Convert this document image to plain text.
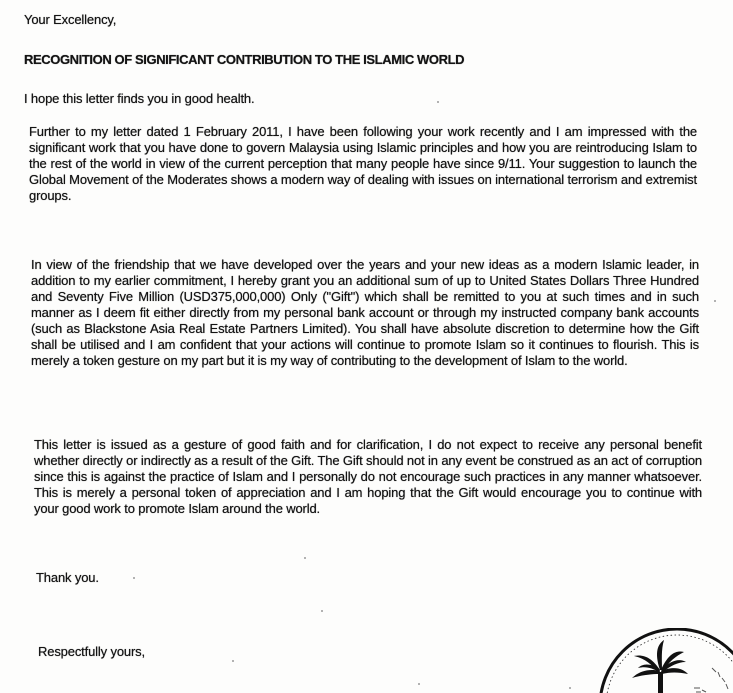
Your Excellency,
RECOGNITION OF SIGNIFICANT CONTRIBUTION TO THE ISLAMIC WORLD
I hope this letter finds you in good health.
Further to my letter dated 1 February 2011, I have been following your work recently and I am impressed with the significant work that you have done to govern Malaysia using Islamic principles and how you are reintroducing Islam to the rest of the world in view of the current perception that many people have since 9/11. Your suggestion to launch the Global Movement of the Moderates shows a modern way of dealing with issues on international terrorism and extremist groups.
In view of the friendship that we have developed over the years and your new ideas as a modern Islamic leader, in addition to my earlier commitment, I hereby grant you an additional sum of up to United States Dollars Three Hundred and Seventy Five Million (USD375,000,000) Only ("Gift") which shall be remitted to you at such times and in such manner as I deem fit either directly from my personal bank account or through my instructed company bank accounts (such as Blackstone Asia Real Estate Partners Limited). You shall have absolute discretion to determine how the Gift shall be utilised and I am confident that your actions will continue to promote Islam so it continues to flourish. This is merely a token gesture on my part but it is my way of contributing to the development of Islam to the world.
This letter is issued as a gesture of good faith and for clarification, I do not expect to receive any personal benefit whether directly or indirectly as a result of the Gift. The Gift should not in any event be construed as an act of corruption since this is against the practice of Islam and I personally do not encourage such practices in any manner whatsoever. This is merely a personal token of appreciation and I am hoping that the Gift would encourage you to continue with your good work to promote Islam around the world.
Thank you.
Respectfully yours,
